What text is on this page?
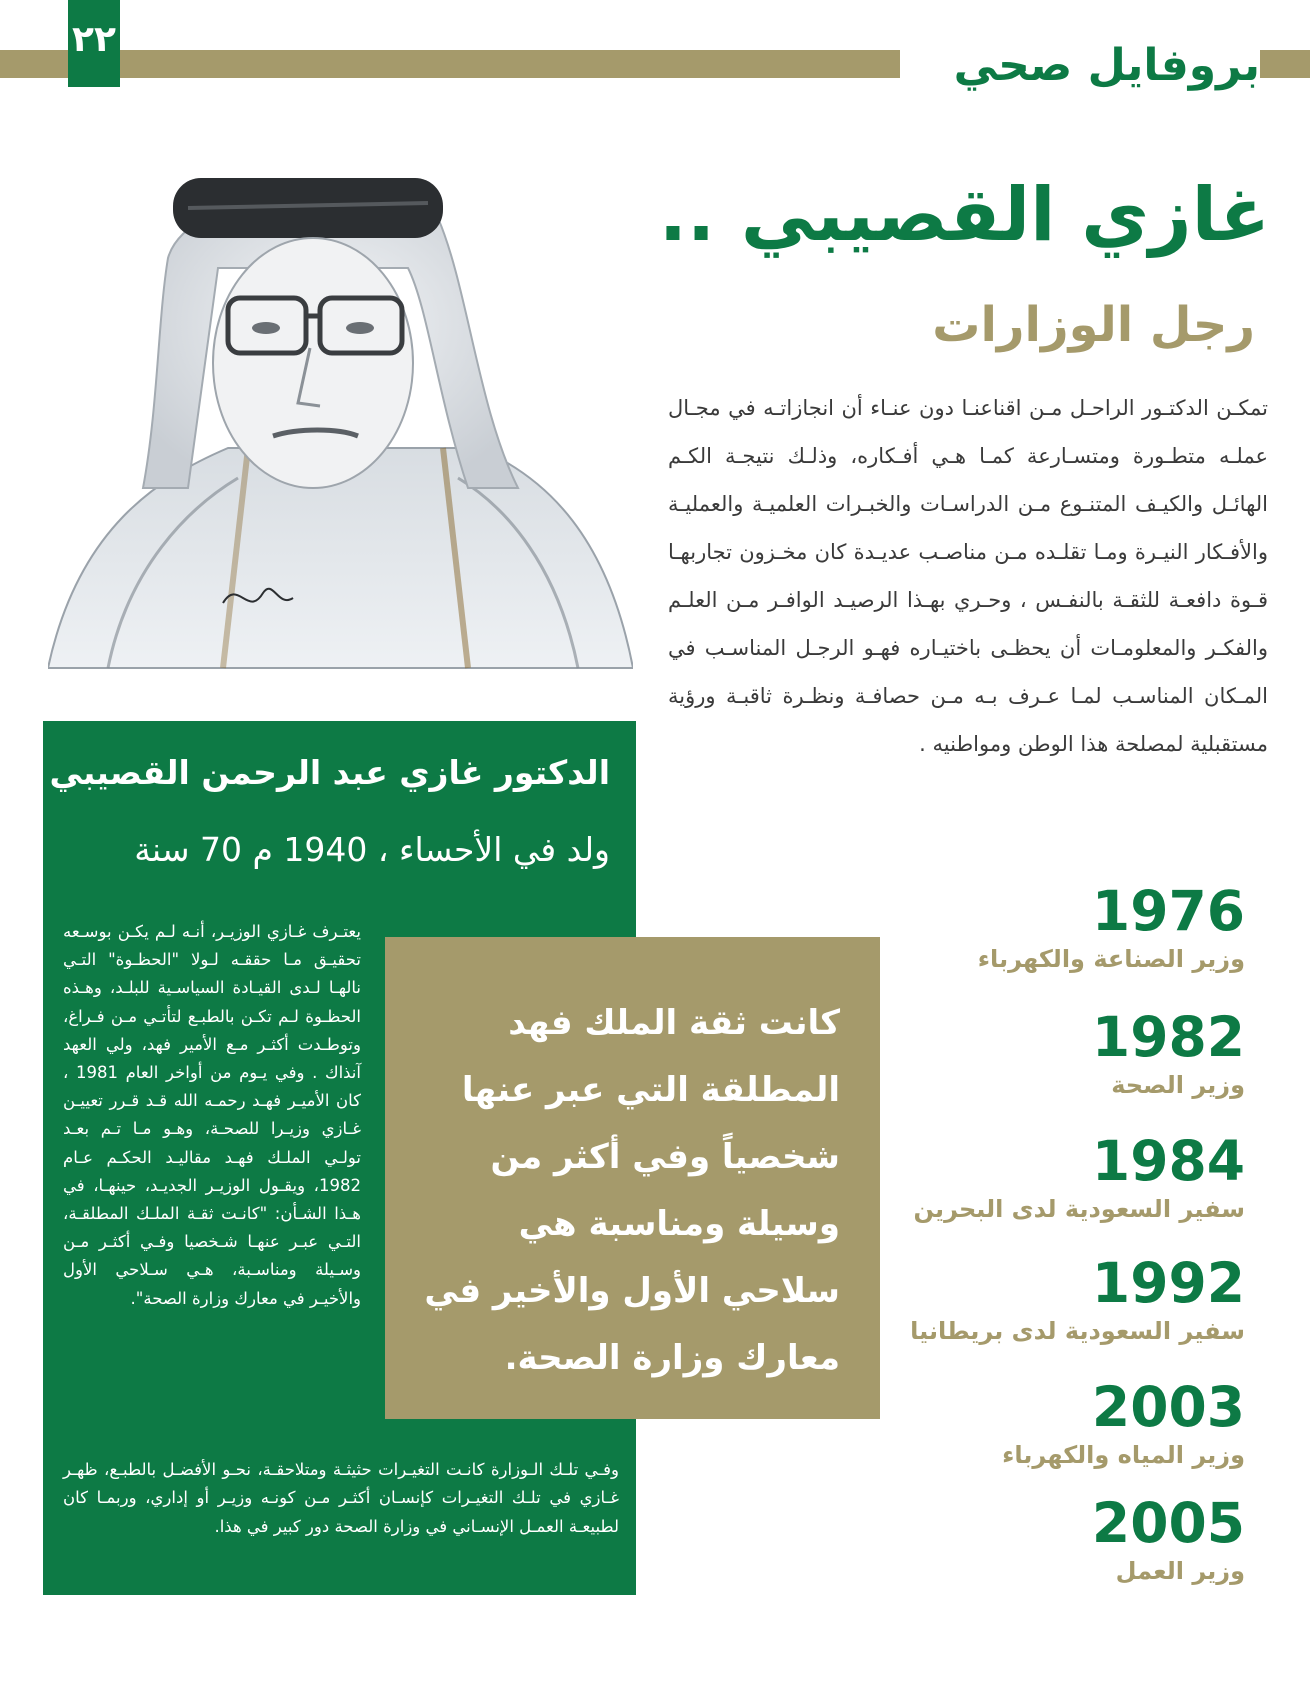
٢٢
بروفايل صحي
غازي القصيبي ..
رجل الوزارات
تمكـن الدكتـور الراحـل مـن اقناعنـا دون عنـاء أن انجازاتـه في مجـال عملـه متطـورة ومتسـارعة كمـا هـي أفـكاره، وذلـك نتيجـة الكـم الهائـل والكيـف المتنـوع مـن الدراسـات والخبـرات العلميـة والعمليـة والأفـكار النيـرة ومـا تقلـده مـن مناصـب عديـدة كان مخـزون تجاربهـا قـوة دافعـة للثقـة بالنفـس ، وحـري بهـذا الرصيـد الوافـر مـن العلـم والفكـر والمعلومـات أن يحظـى باختيـاره فهـو الرجـل المناسـب في المـكان المناسـب لمـا عـرف بـه مـن حصافـة ونظـرة ثاقبـة ورؤية مستقبلية لمصلحة هذا الوطن ومواطنيه .
الدكتور غازي عبد الرحمن القصيبي
ولد في الأحساء ، 1940 م 70 سنة
يعتـرف غـازي الوزيـر، أنـه لـم يكـن بوسـعه تحقيـق مـا حققـه لـولا "الحظـوة" التـي نالهـا لـدى القيـادة السياسـية للبلـد، وهـذه الحظـوة لـم تكـن بالطبـع لتأتـي مـن فـراغ، وتوطـدت أكثـر مـع الأمير فهد، ولي العهد آنذاك . وفي يـوم من أواخر العام 1981 ، كان الأميـر فهـد رحمـه الله قـد قـرر تعييـن غـازي وزيـرا للصحـة، وهـو مـا تـم بعـد تولـي الملـك فهـد مقاليـد الحكـم عـام 1982، ويقـول الوزيـر الجديـد، حينهـا، في هـذا الشـأن: "كانـت ثقـة الملـك المطلقـة، التـي عبـر عنهـا شـخصيا وفـي أكثـر مـن وسـيلة ومناسـبة، هـي سـلاحي الأول والأخيـر في معارك وزارة الصحة".
وفـي تلـك الـوزارة كانـت التغيـرات حثيثـة ومتلاحقـة، نحـو الأفضـل بالطبـع، ظهـر غـازي في تلـك التغيـرات كإنسـان أكثـر مـن كونـه وزيـر أو إداري، وربمـا كان لطبيعـة العمـل الإنسـاني في وزارة الصحة دور كبير في هذا.
كانت ثقة الملك فهد المطلقة التي عبر عنها شخصياً وفي أكثر من وسيلة ومناسبة هي سلاحي الأول والأخير في معارك وزارة الصحة.
1976
وزير الصناعة والكهرباء
1982
وزير الصحة
1984
سفير السعودية لدى البحرين
1992
سفير السعودية لدى بريطانيا
2003
وزير المياه والكهرباء
2005
وزير العمل
